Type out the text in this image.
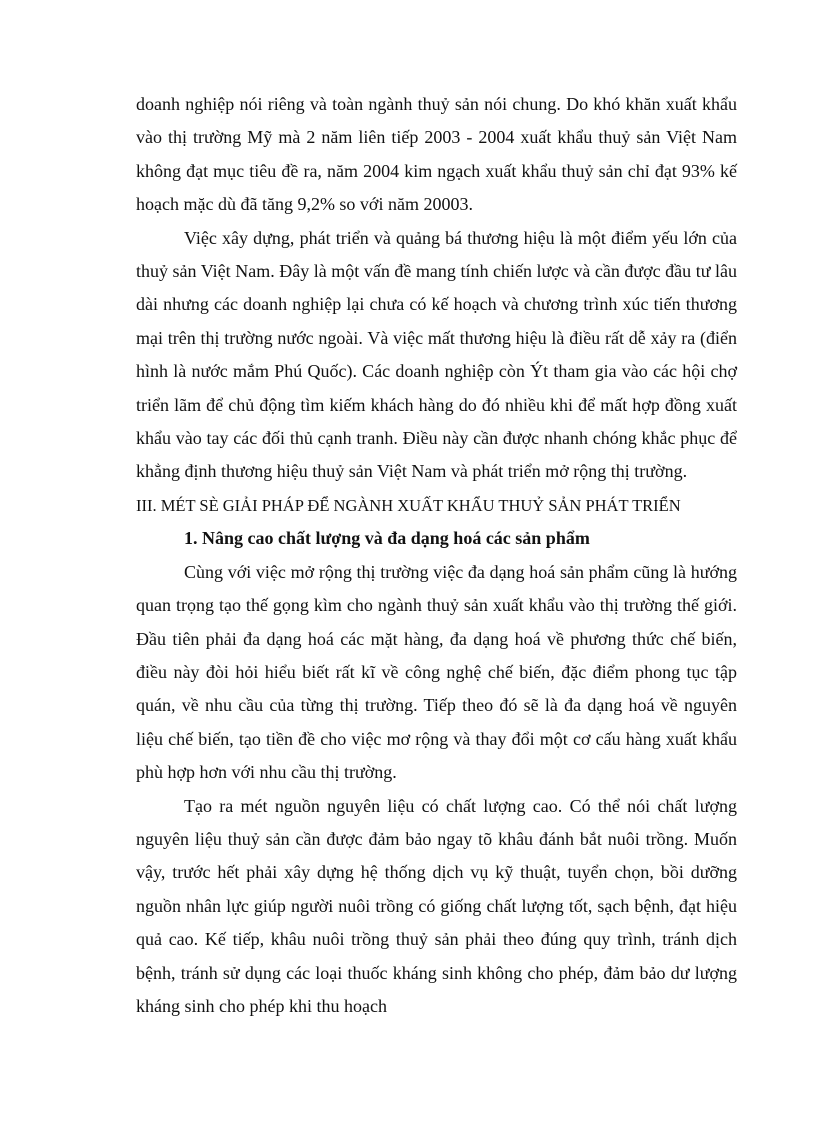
doanh nghiệp nói riêng và toàn ngành thuỷ sản nói chung. Do khó khăn xuất khẩu vào thị trường Mỹ mà 2 năm liên tiếp 2003 - 2004 xuất khẩu thuỷ sản Việt Nam không đạt mục tiêu đề ra, năm 2004 kim ngạch xuất khẩu thuỷ sản chỉ đạt 93% kế hoạch mặc dù đã tăng 9,2% so với năm 20003.

Việc xây dựng, phát triển và quảng bá thương hiệu là một điểm yếu lớn của thuỷ sản Việt Nam. Đây là một vấn đề mang tính chiến lược và cần được đầu tư lâu dài nhưng các doanh nghiệp lại chưa có kế hoạch và chương trình xúc tiến thương mại trên thị trường nước ngoài. Và việc mất thương hiệu là điều rất dễ xảy ra (điển hình là nước mắm Phú Quốc). Các doanh nghiệp còn Ýt tham gia vào các hội chợ triển lãm để chủ động tìm kiếm khách hàng do đó nhiều khi để mất hợp đồng xuất khẩu vào tay các đối thủ cạnh tranh. Điều này cần được nhanh chóng khắc phục để khẳng định thương hiệu thuỷ sản Việt Nam và phát triển mở rộng thị trường.

III. MÉT SÈ GIẢI PHÁP ĐỂ NGÀNH XUẤT KHẨU THUỶ SẢN PHÁT TRIỂN

1. Nâng cao chất lượng và đa dạng hoá các sản phẩm

Cùng với việc mở rộng thị trường việc đa dạng hoá sản phẩm cũng là hướng quan trọng tạo thế gọng kìm cho ngành thuỷ sản xuất khẩu vào thị trường thế giới. Đầu tiên phải đa dạng hoá các mặt hàng, đa dạng hoá về phương thức chế biến, điều này đòi hỏi hiểu biết rất kĩ về công nghệ chế biến, đặc điểm phong tục tập quán, về nhu cầu của từng thị trường. Tiếp theo đó sẽ là đa dạng hoá về nguyên liệu chế biến, tạo tiền đề cho việc mơ rộng và thay đổi một cơ cấu hàng xuất khẩu phù hợp hơn với nhu cầu thị trường.

Tạo ra mét nguồn nguyên liệu có chất lượng cao. Có thể nói chất lượng nguyên liệu thuỷ sản cần được đảm bảo ngay tõ khâu đánh bắt nuôi trồng. Muốn vậy, trước hết phải xây dựng hệ thống dịch vụ kỹ thuật, tuyển chọn, bồi dưỡng nguồn nhân lực giúp người nuôi trồng có giống chất lượng tốt, sạch bệnh, đạt hiệu quả cao. Kế tiếp, khâu nuôi trồng thuỷ sản phải theo đúng quy trình, tránh dịch bệnh, tránh sử dụng các loại thuốc kháng sinh không cho phép, đảm bảo dư lượng kháng sinh cho phép khi thu hoạch
